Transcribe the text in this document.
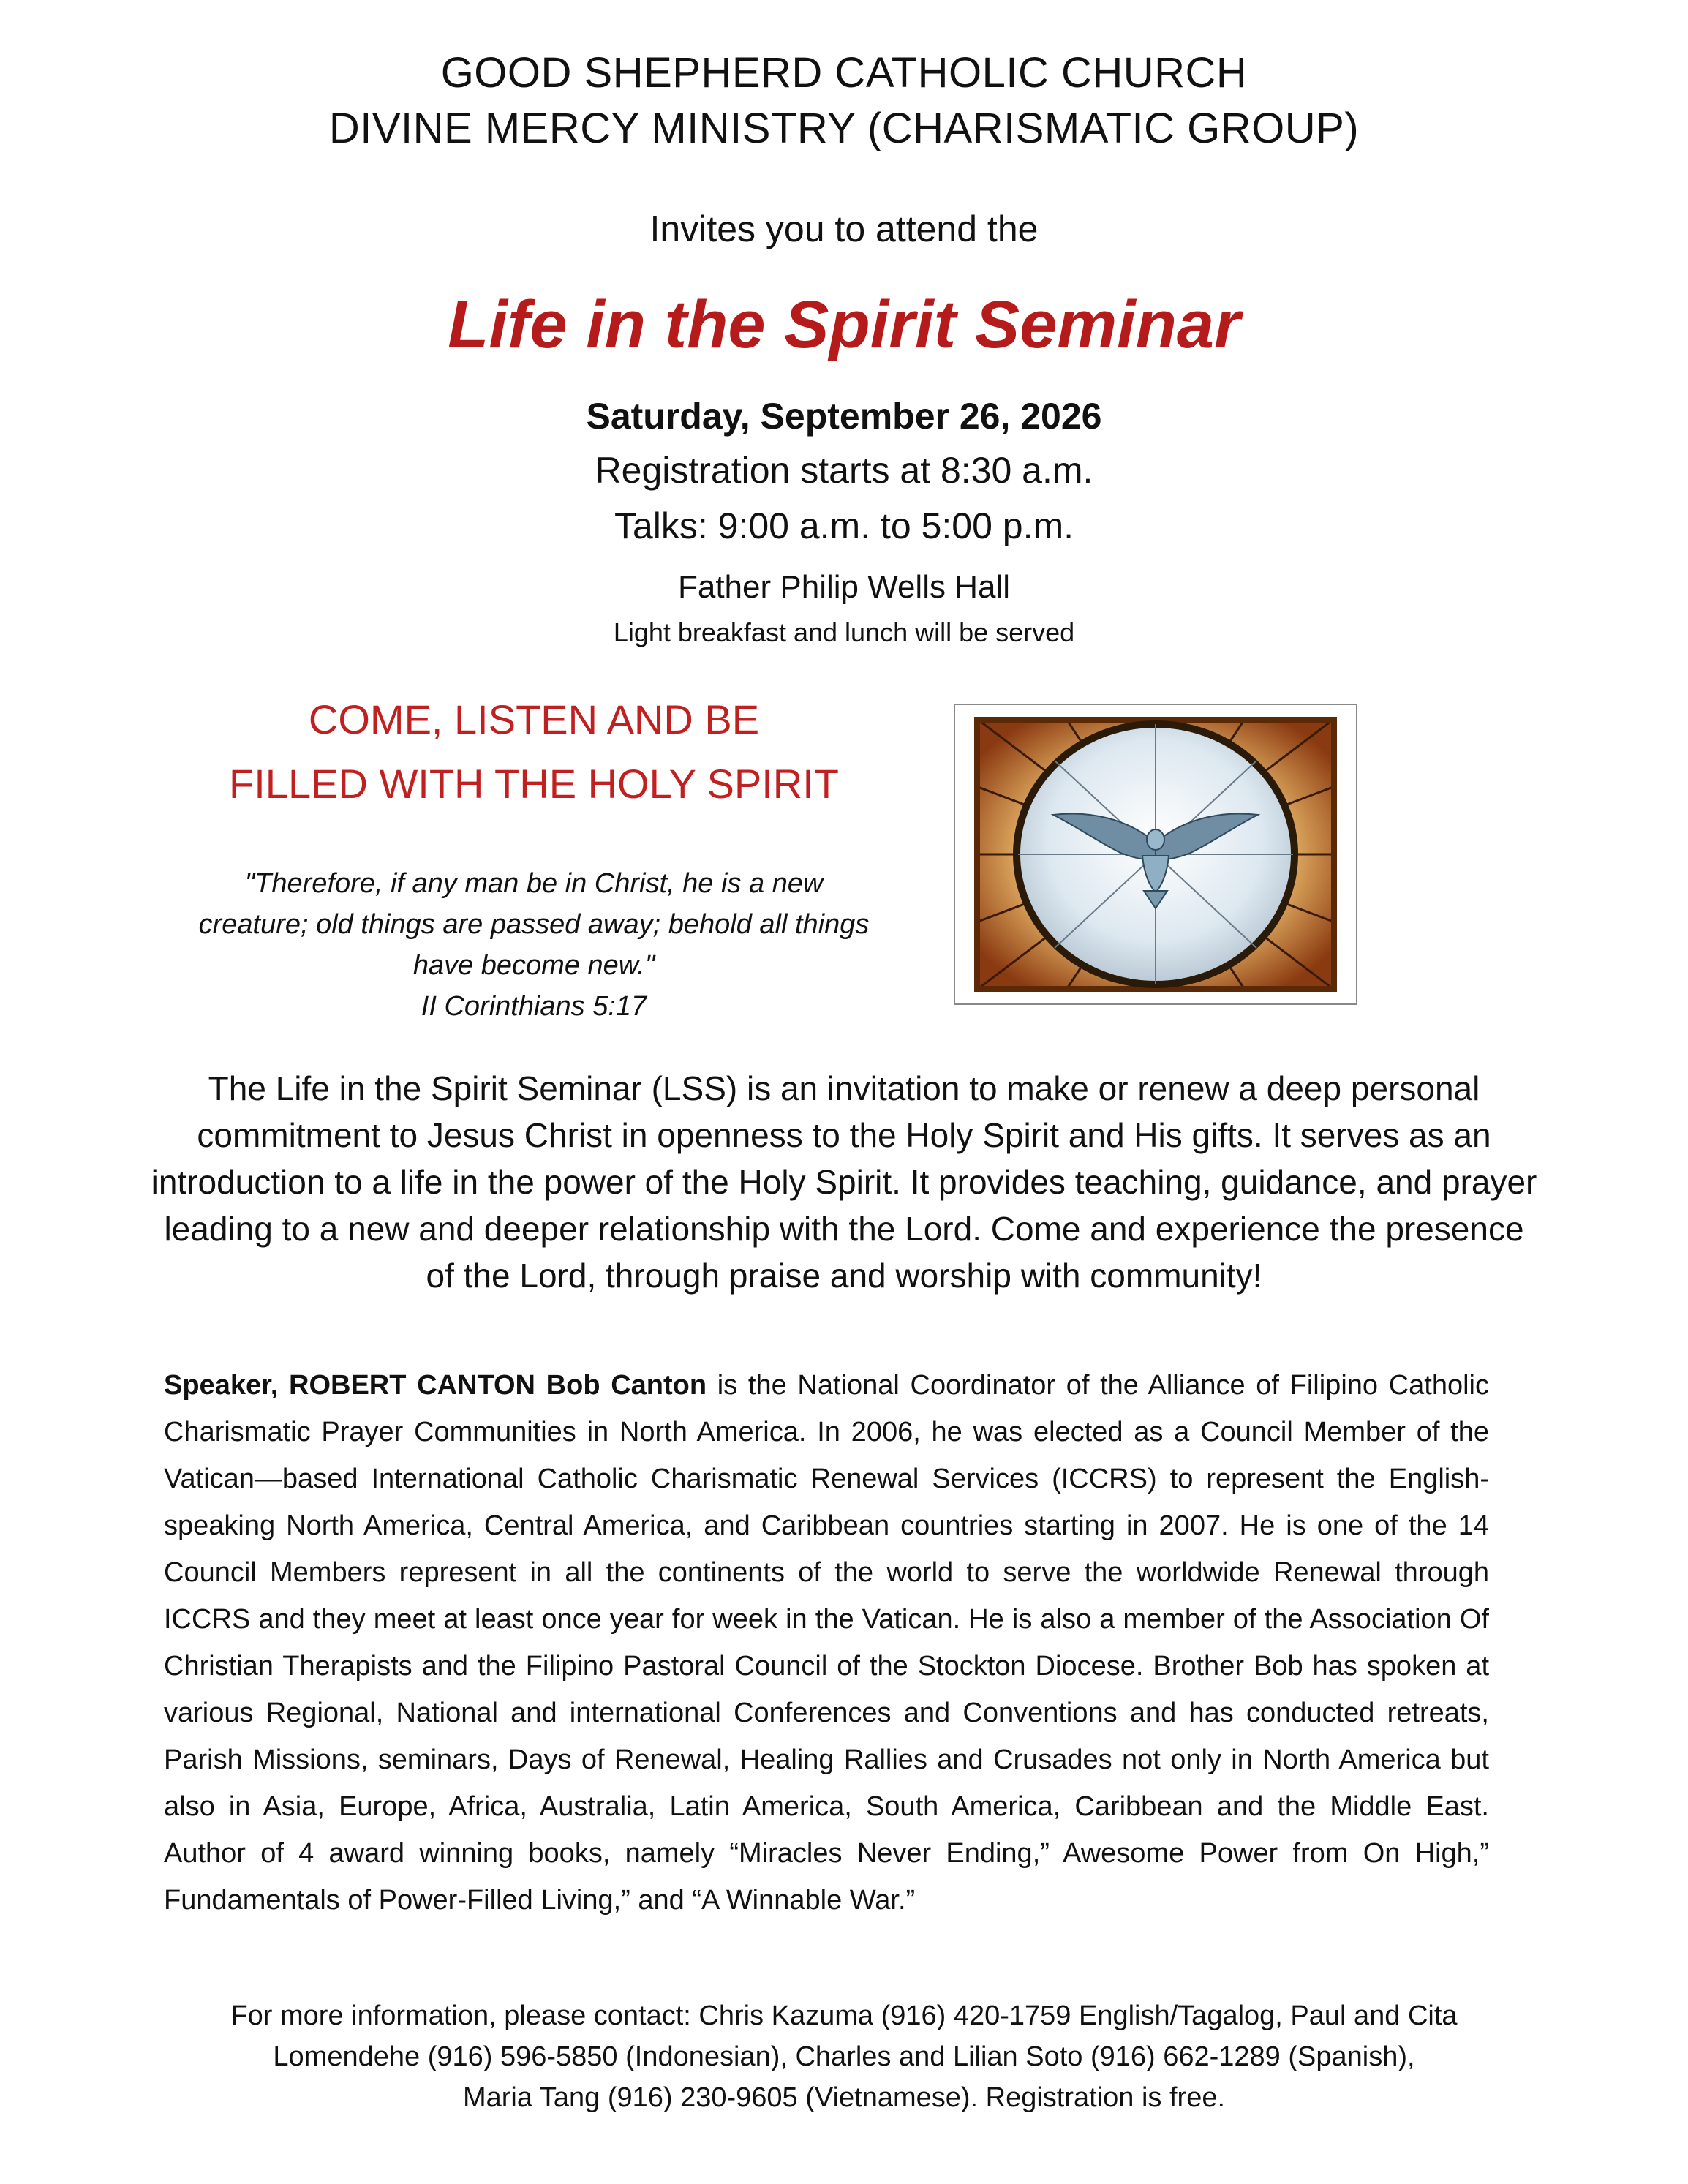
GOOD SHEPHERD CATHOLIC CHURCH
DIVINE MERCY MINISTRY (CHARISMATIC GROUP)
Invites you to attend the
Life in the Spirit Seminar
Saturday, September 26, 2026
Registration starts at 8:30 a.m.
Talks: 9:00 a.m. to 5:00 p.m.
Father Philip Wells Hall
Light breakfast and lunch will be served
COME, LISTEN AND BE
FILLED WITH THE HOLY SPIRIT
"Therefore, if any man be in Christ, he is a new
creature; old things are passed away; behold all things
have become new."
II Corinthians 5:17
The Life in the Spirit Seminar (LSS) is an invitation to make or renew a deep personal commitment to Jesus Christ in openness to the Holy Spirit and His gifts. It serves as an introduction to a life in the power of the Holy Spirit. It provides teaching, guidance, and prayer leading to a new and deeper relationship with the Lord. Come and experience the presence of the Lord, through praise and worship with community!
Speaker, ROBERT CANTON Bob Canton is the National Coordinator of the Alliance of Filipino Catholic Charismatic Prayer Communities in North America. In 2006, he was elected as a Council Member of the Vatican—based International Catholic Charismatic Renewal Services (ICCRS) to represent the English-speaking North America, Central America, and Caribbean countries starting in 2007. He is one of the 14 Council Members represent in all the continents of the world to serve the worldwide Renewal through ICCRS and they meet at least once year for week in the Vatican. He is also a member of the Association Of Christian Therapists and the Filipino Pastoral Council of the Stockton Diocese. Brother Bob has spoken at various Regional, National and international Conferences and Conventions and has conducted retreats, Parish Missions, seminars, Days of Renewal, Healing Rallies and Crusades not only in North America but also in Asia, Europe, Africa, Australia, Latin America, South America, Caribbean and the Middle East. Author of 4 award winning books, namely “Miracles Never Ending,” Awesome Power from On High,” Fundamentals of Power-Filled Living,” and “A Winnable War.”
For more information, please contact: Chris Kazuma (916) 420-1759 English/Tagalog, Paul and Cita
Lomendehe (916) 596-5850 (Indonesian), Charles and Lilian Soto (916) 662-1289 (Spanish),
Maria Tang (916) 230-9605 (Vietnamese). Registration is free.
